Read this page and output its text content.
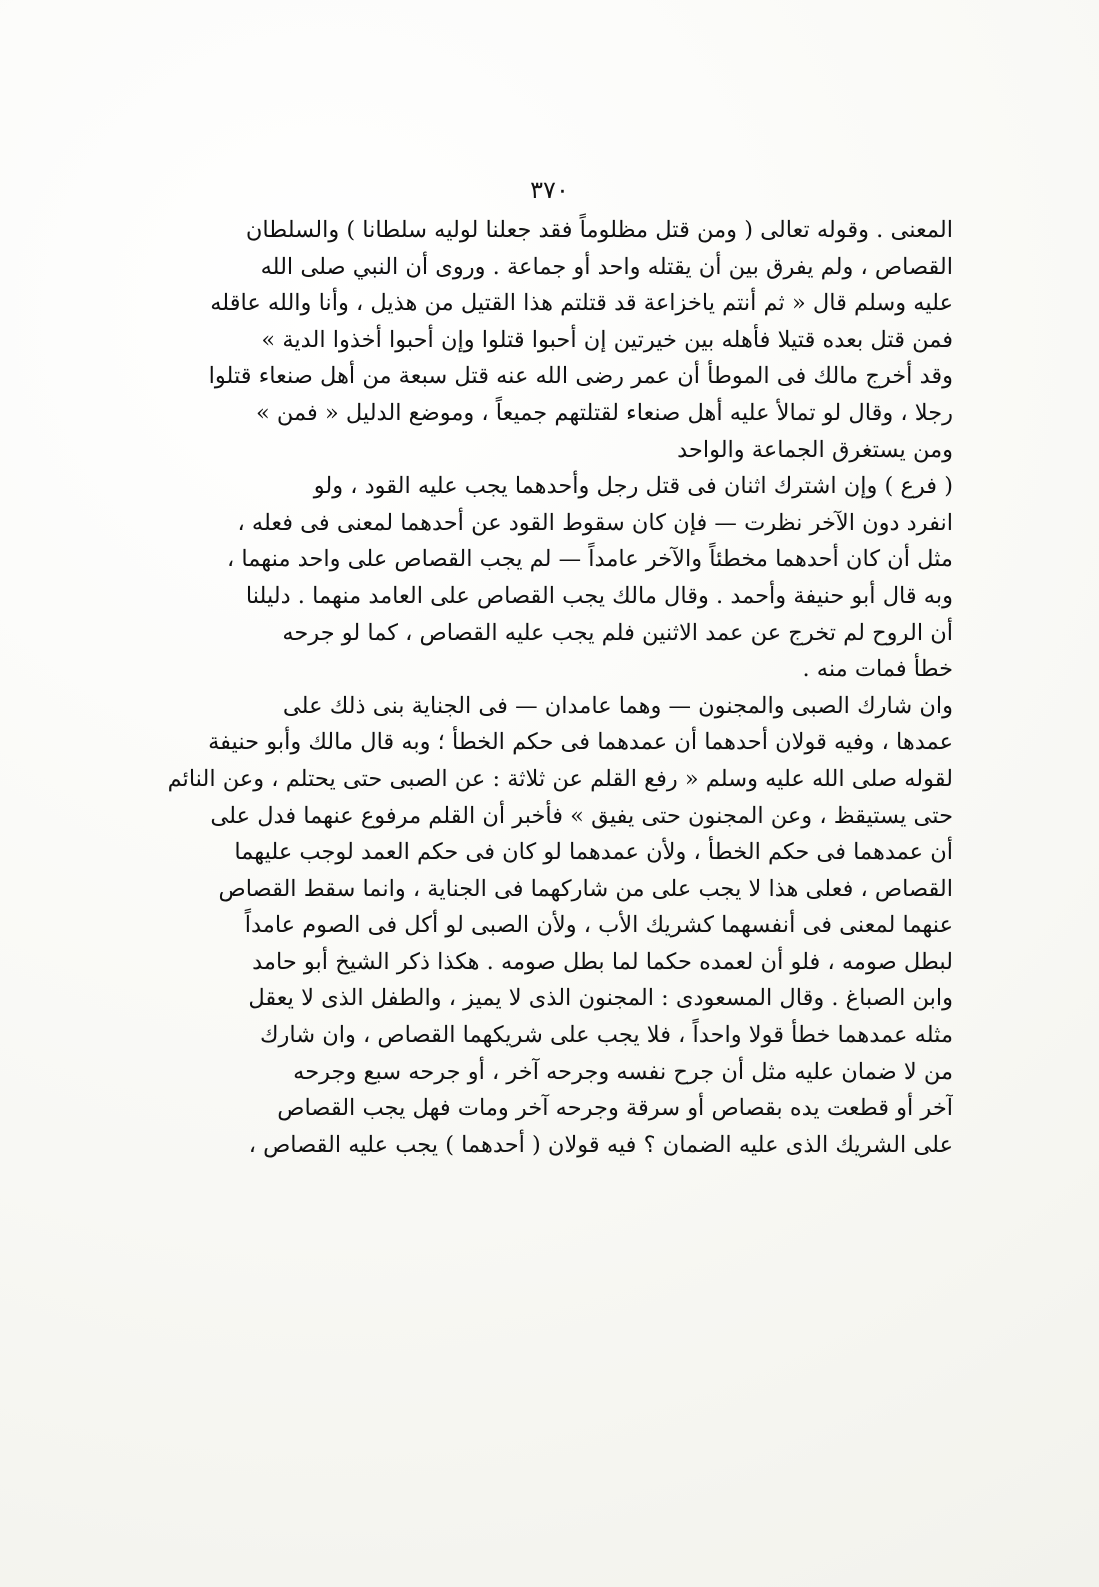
٣٧٠

المعنى . وقوله تعالى ( ومن قتل مظلوماً فقد جعلنا لوليه سلطانا ) والسلطان
القصاص ، ولم يفرق بين أن يقتله واحد أو جماعة . وروى أن النبي صلى الله
عليه وسلم قال « ثم أنتم ياخزاعة قد قتلتم هذا القتيل من هذيل ، وأنا والله عاقله
فمن قتل بعده قتيلا فأهله بين خيرتين إن أحبوا قتلوا وإن أحبوا أخذوا الدية »
وقد أخرج مالك فى الموطأ أن عمر رضى الله عنه قتل سبعة من أهل صنعاء قتلوا
رجلا ، وقال لو تمالأ عليه أهل صنعاء لقتلتهم جميعاً ، وموضع الدليل « فمن »
ومن يستغرق الجماعة والواحد

( فرع ) وإن اشترك اثنان فى قتل رجل وأحدهما يجب عليه القود ، ولو
انفرد دون الآخر نظرت — فإن كان سقوط القود عن أحدهما لمعنى فى فعله ،
مثل أن كان أحدهما مخطئاً والآخر عامداً — لم يجب القصاص على واحد منهما ،
وبه قال أبو حنيفة وأحمد . وقال مالك يجب القصاص على العامد منهما . دليلنا
أن الروح لم تخرج عن عمد الاثنين فلم يجب عليه القصاص ، كما لو جرحه
خطأ فمات منه .

وان شارك الصبى والمجنون — وهما عامدان — فى الجناية بنى ذلك على
عمدها ، وفيه قولان أحدهما أن عمدهما فى حكم الخطأ ؛ وبه قال مالك وأبو حنيفة
لقوله صلى الله عليه وسلم « رفع القلم عن ثلاثة : عن الصبى حتى يحتلم ، وعن النائم
حتى يستيقظ ، وعن المجنون حتى يفيق » فأخبر أن القلم مرفوع عنهما فدل على
أن عمدهما فى حكم الخطأ ، ولأن عمدهما لو كان فى حكم العمد لوجب عليهما
القصاص ، فعلى هذا لا يجب على من شاركهما فى الجناية ، وانما سقط القصاص
عنهما لمعنى فى أنفسهما كشريك الأب ، ولأن الصبى لو أكل فى الصوم عامداً
لبطل صومه ، فلو أن لعمده حكما لما بطل صومه . هكذا ذكر الشيخ أبو حامد
وابن الصباغ . وقال المسعودى : المجنون الذى لا يميز ، والطفل الذى لا يعقل
مثله عمدهما خطأ قولا واحداً ، فلا يجب على شريكهما القصاص ، وان شارك
من لا ضمان عليه مثل أن جرح نفسه وجرحه آخر ، أو جرحه سبع وجرحه
آخر أو قطعت يده بقصاص أو سرقة وجرحه آخر ومات فهل يجب القصاص
على الشريك الذى عليه الضمان ؟ فيه قولان ( أحدهما ) يجب عليه القصاص ،
